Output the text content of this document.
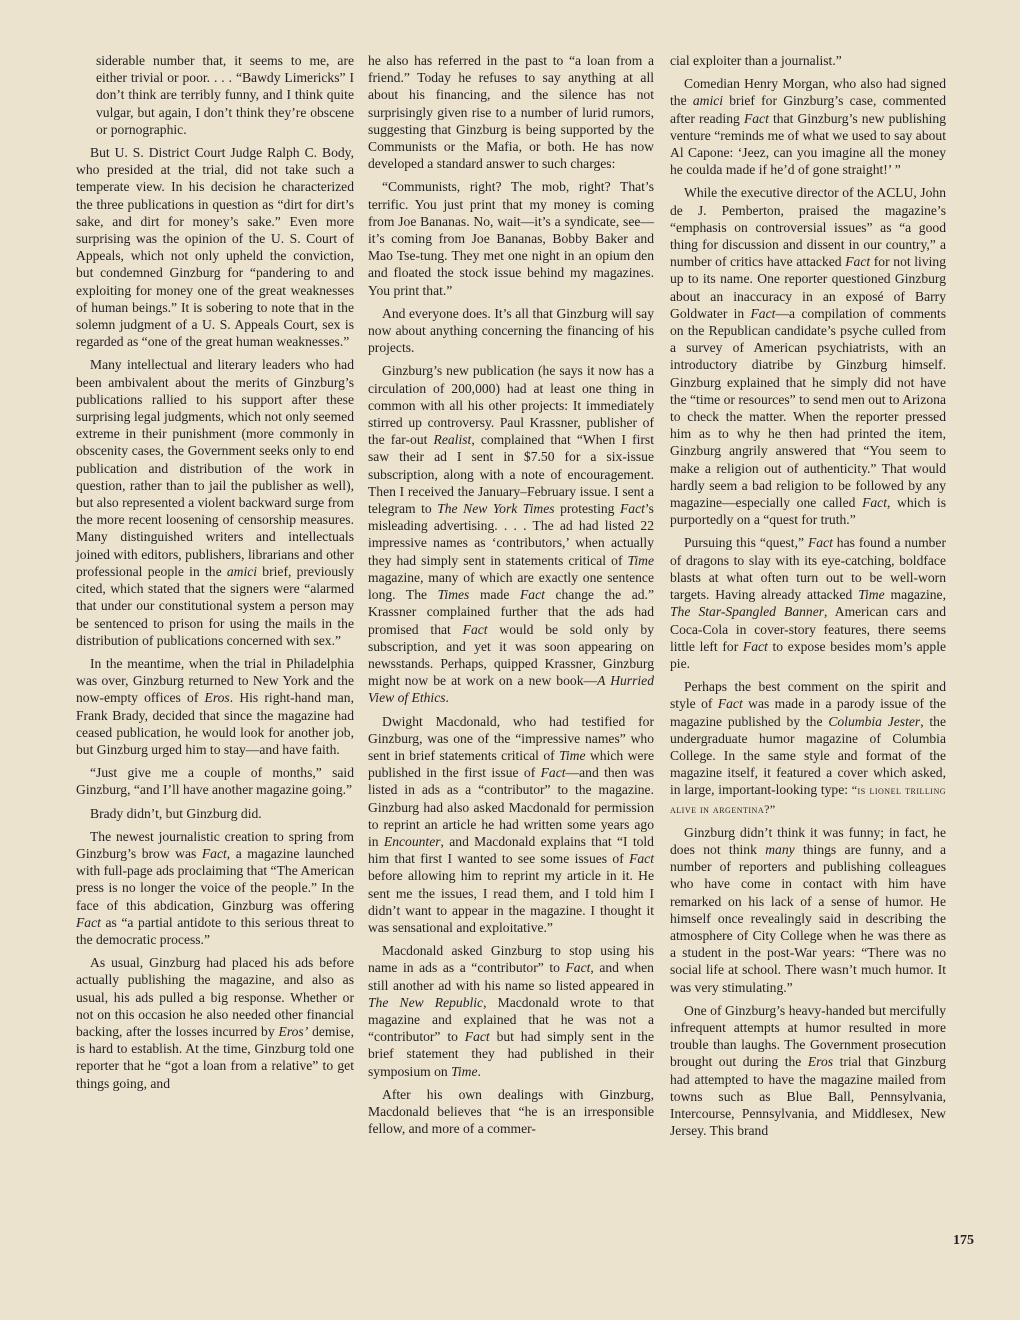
siderable number that, it seems to me, are either trivial or poor. . . . “Bawdy Limericks” I don’t think are terribly funny, and I think quite vulgar, but again, I don’t think they’re obscene or pornographic.

But U. S. District Court Judge Ralph C. Body, who presided at the trial, did not take such a temperate view. In his decision he characterized the three publications in question as “dirt for dirt’s sake, and dirt for money’s sake.” Even more surprising was the opinion of the U. S. Court of Appeals, which not only upheld the conviction, but condemned Ginzburg for “pandering to and exploiting for money one of the great weaknesses of human beings.” It is sobering to note that in the solemn judgment of a U. S. Appeals Court, sex is regarded as “one of the great human weaknesses.”

Many intellectual and literary leaders who had been ambivalent about the merits of Ginzburg’s publications rallied to his support after these surprising legal judgments, which not only seemed extreme in their punishment (more commonly in obscenity cases, the Government seeks only to end publication and distribution of the work in question, rather than to jail the publisher as well), but also represented a violent backward surge from the more recent loosening of censorship measures. Many distinguished writers and intellectuals joined with editors, publishers, librarians and other professional people in the amici brief, previously cited, which stated that the signers were “alarmed that under our constitutional system a person may be sentenced to prison for using the mails in the distribution of publications concerned with sex.”

In the meantime, when the trial in Philadelphia was over, Ginzburg returned to New York and the now-empty offices of Eros. His right-hand man, Frank Brady, decided that since the magazine had ceased publication, he would look for another job, but Ginzburg urged him to stay—and have faith.

“Just give me a couple of months,” said Ginzburg, “and I’ll have another magazine going.”

Brady didn’t, but Ginzburg did.

The newest journalistic creation to spring from Ginzburg’s brow was Fact, a magazine launched with full-page ads proclaiming that “The American press is no longer the voice of the people.” In the face of this abdication, Ginzburg was offering Fact as “a partial antidote to this serious threat to the democratic process.”

As usual, Ginzburg had placed his ads before actually publishing the magazine, and also as usual, his ads pulled a big response. Whether or not on this occasion he also needed other financial backing, after the losses incurred by Eros’ demise, is hard to establish. At the time, Ginzburg told one reporter that he “got a loan from a relative” to get things going, and

he also has referred in the past to “a loan from a friend.” Today he refuses to say anything at all about his financing, and the silence has not surprisingly given rise to a number of lurid rumors, suggesting that Ginzburg is being supported by the Communists or the Mafia, or both. He has now developed a standard answer to such charges:

“Communists, right? The mob, right? That’s terrific. You just print that my money is coming from Joe Bananas. No, wait—it’s a syndicate, see—it’s coming from Joe Bananas, Bobby Baker and Mao Tse-tung. They met one night in an opium den and floated the stock issue behind my magazines. You print that.”

And everyone does. It’s all that Ginzburg will say now about anything concerning the financing of his projects.

Ginzburg’s new publication (he says it now has a circulation of 200,000) had at least one thing in common with all his other projects: It immediately stirred up controversy. Paul Krassner, publisher of the far-out Realist, complained that “When I first saw their ad I sent in $7.50 for a six-issue subscription, along with a note of encouragement. Then I received the January–February issue. I sent a telegram to The New York Times protesting Fact’s misleading advertising. . . . The ad had listed 22 impressive names as ‘contributors,’ when actually they had simply sent in statements critical of Time magazine, many of which are exactly one sentence long. The Times made Fact change the ad.” Krassner complained further that the ads had promised that Fact would be sold only by subscription, and yet it was soon appearing on newsstands. Perhaps, quipped Krassner, Ginzburg might now be at work on a new book—A Hurried View of Ethics.

Dwight Macdonald, who had testified for Ginzburg, was one of the “impressive names” who sent in brief statements critical of Time which were published in the first issue of Fact—and then was listed in ads as a “contributor” to the magazine. Ginzburg had also asked Macdonald for permission to reprint an article he had written some years ago in Encounter, and Macdonald explains that “I told him that first I wanted to see some issues of Fact before allowing him to reprint my article in it. He sent me the issues, I read them, and I told him I didn’t want to appear in the magazine. I thought it was sensational and exploitative.”

Macdonald asked Ginzburg to stop using his name in ads as a “contributor” to Fact, and when still another ad with his name so listed appeared in The New Republic, Macdonald wrote to that magazine and explained that he was not a “contributor” to Fact but had simply sent in the brief statement they had published in their symposium on Time.

After his own dealings with Ginzburg, Macdonald believes that “he is an irresponsible fellow, and more of a commer-

cial exploiter than a journalist.”

Comedian Henry Morgan, who also had signed the amici brief for Ginzburg’s case, commented after reading Fact that Ginzburg’s new publishing venture “reminds me of what we used to say about Al Capone: ‘Jeez, can you imagine all the money he coulda made if he’d of gone straight!’ ”

While the executive director of the ACLU, John de J. Pemberton, praised the magazine’s “emphasis on controversial issues” as “a good thing for discussion and dissent in our country,” a number of critics have attacked Fact for not living up to its name. One reporter questioned Ginzburg about an inaccuracy in an exposé of Barry Goldwater in Fact—a compilation of comments on the Republican candidate’s psyche culled from a survey of American psychiatrists, with an introductory diatribe by Ginzburg himself. Ginzburg explained that he simply did not have the “time or resources” to send men out to Arizona to check the matter. When the reporter pressed him as to why he then had printed the item, Ginzburg angrily answered that “You seem to make a religion out of authenticity.” That would hardly seem a bad religion to be followed by any magazine—especially one called Fact, which is purportedly on a “quest for truth.”

Pursuing this “quest,” Fact has found a number of dragons to slay with its eye-catching, boldface blasts at what often turn out to be well-worn targets. Having already attacked Time magazine, The Star-Spangled Banner, American cars and Coca-Cola in cover-story features, there seems little left for Fact to expose besides mom’s apple pie.

Perhaps the best comment on the spirit and style of Fact was made in a parody issue of the magazine published by the Columbia Jester, the undergraduate humor magazine of Columbia College. In the same style and format of the magazine itself, it featured a cover which asked, in large, important-looking type: “is lionel trilling alive in argentina?”

Ginzburg didn’t think it was funny; in fact, he does not think many things are funny, and a number of reporters and publishing colleagues who have come in contact with him have remarked on his lack of a sense of humor. He himself once revealingly said in describing the atmosphere of City College when he was there as a student in the post-War years: “There was no social life at school. There wasn’t much humor. It was very stimulating.”

One of Ginzburg’s heavy-handed but mercifully infrequent attempts at humor resulted in more trouble than laughs. The Government prosecution brought out during the Eros trial that Ginzburg had attempted to have the magazine mailed from towns such as Blue Ball, Pennsylvania, Intercourse, Pennsylvania, and Middlesex, New Jersey. This brand

175
